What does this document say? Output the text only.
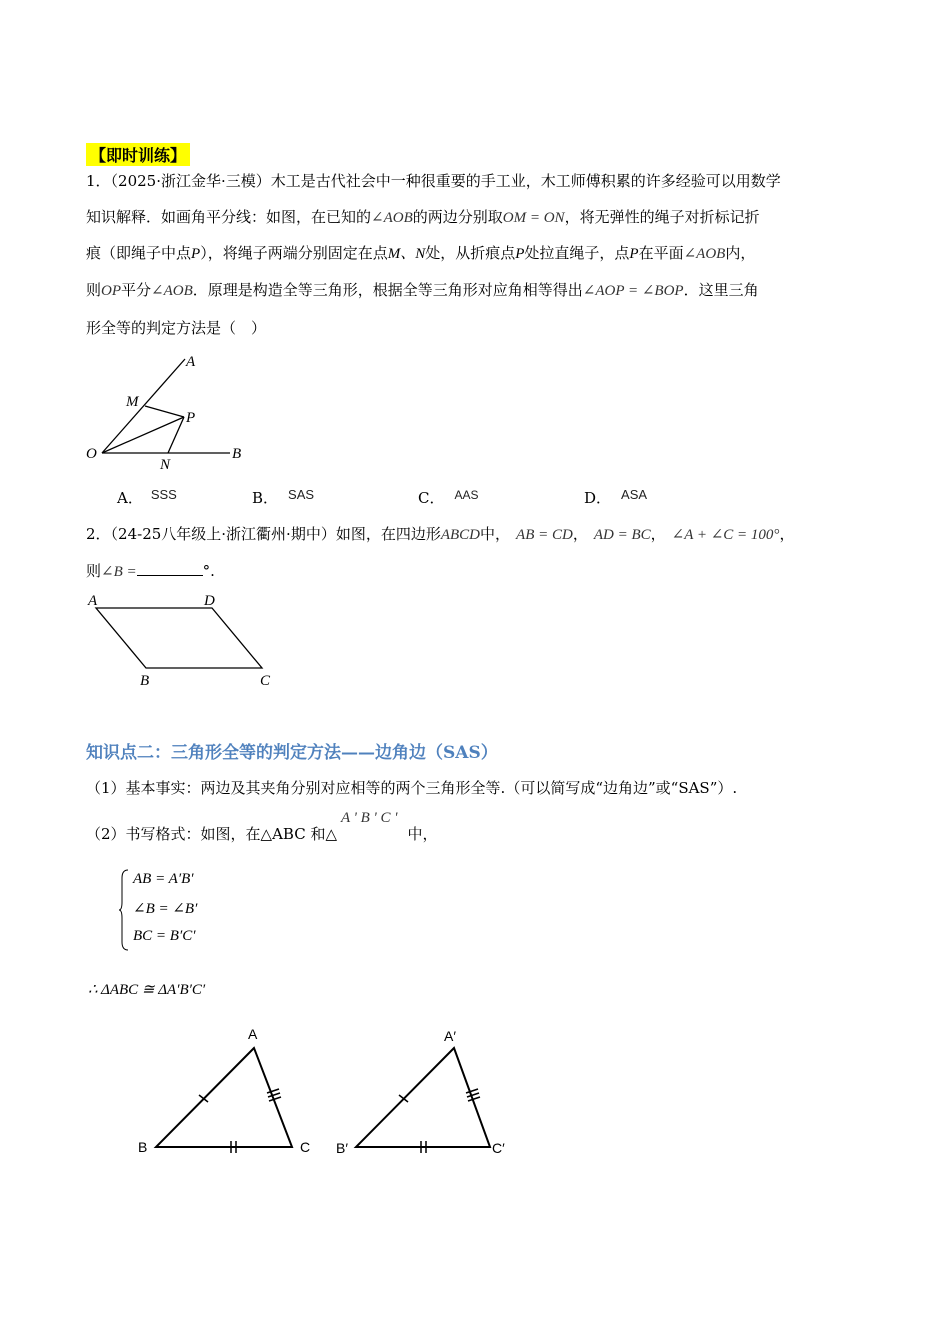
【即时训练】
1．（2025·浙江金华·三模）木工是古代社会中一种很重要的手工业，木工师傅积累的许多经验可以用数学
知识解释．如画角平分线：如图，在已知的∠AOB的两边分别取OM = ON，将无弹性的绳子对折标记折
痕（即绳子中点P），将绳子两端分别固定在点M、N处，从折痕点P处拉直绳子，点P在平面∠AOB内，
则OP平分∠AOB．原理是构造全等三角形，根据全等三角形对应角相等得出∠AOP = ∠BOP．这里三角
形全等的判定方法是（　）
A
M
P
O
N
B
A． SSS	B． SAS	C． $^{AAS}$	D． ASA
2．（24-25八年级上·浙江衢州·期中）如图，在四边形ABCD中， AB = CD， AD = BC， ∠A + ∠C = 100°，
则∠B =	°.
A	D
B	C
知识点二：三角形全等的判定方法——边角边（SAS）
（1）基本事实：两边及其夹角分别对应相等的两个三角形全等.（可以简写成“边角边”或“SAS”）.
（2）书写格式：如图，在△ABC 和△A ' B ' C '中，
AB = A′B′
∠B = ∠B′
BC = B′C′
∴ ΔABC ≅ ΔA′B′C′
A
B	C
A′
B′	C′
